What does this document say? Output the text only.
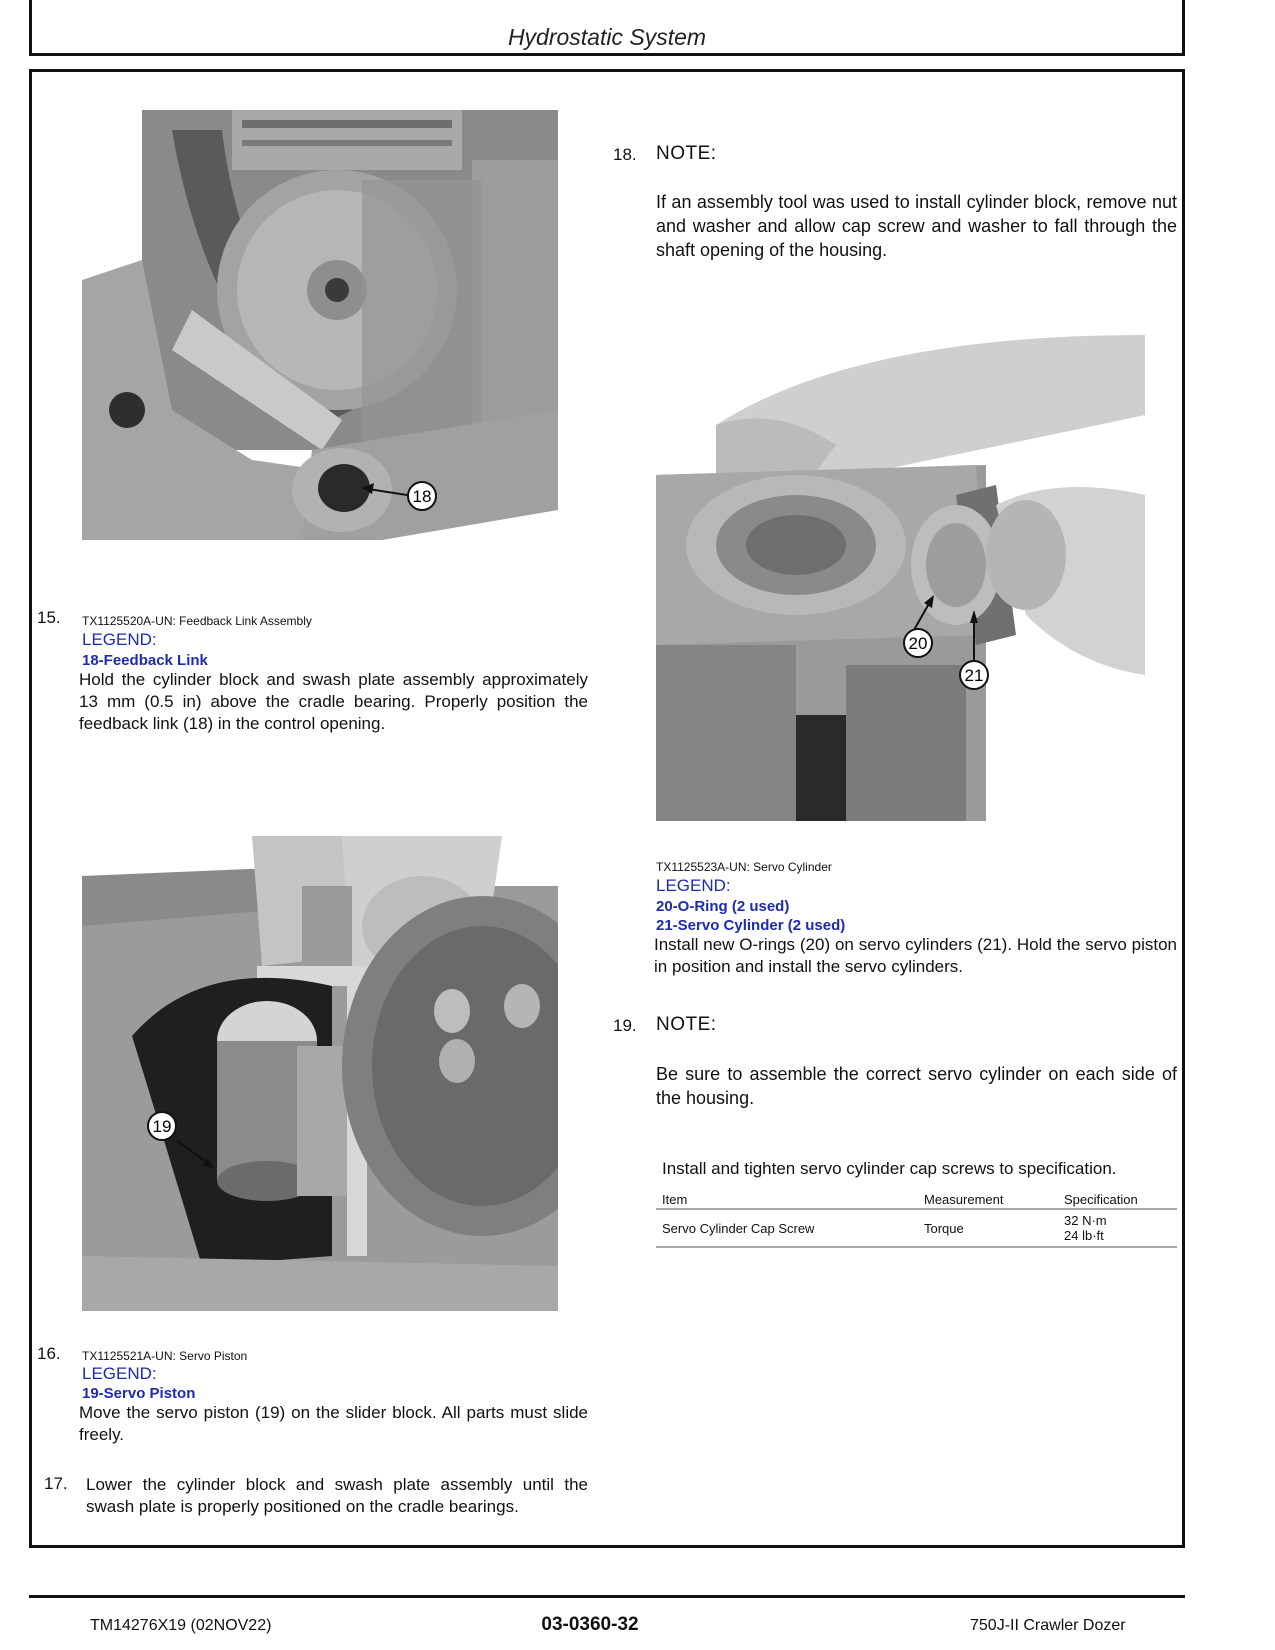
Hydrostatic System
18
15. TX1125520A-UN: Feedback Link Assembly
LEGEND:
18-Feedback Link
Hold the cylinder block and swash plate assembly approximately 13 mm (0.5 in) above the cradle bearing. Properly position the feedback link (18) in the control opening.
19
16. TX1125521A-UN: Servo Piston
LEGEND:
19-Servo Piston
Move the servo piston (19) on the slider block. All parts must slide freely.
17. Lower the cylinder block and swash plate assembly until the swash plate is properly positioned on the cradle bearings.
18. NOTE:
If an assembly tool was used to install cylinder block, remove nut and washer and allow cap screw and washer to fall through the shaft opening of the housing.
20
21
TX1125523A-UN: Servo Cylinder
LEGEND:
20-O-Ring (2 used)
21-Servo Cylinder (2 used)
Install new O-rings (20) on servo cylinders (21). Hold the servo piston in position and install the servo cylinders.
19. NOTE:
Be sure to assemble the correct servo cylinder on each side of the housing.
Install and tighten servo cylinder cap screws to specification.
Item	Measurement	Specification
Servo Cylinder Cap Screw	Torque	32 N·m
24 lb·ft
TM14276X19 (02NOV22)	03-0360-32	750J-II Crawler Dozer
